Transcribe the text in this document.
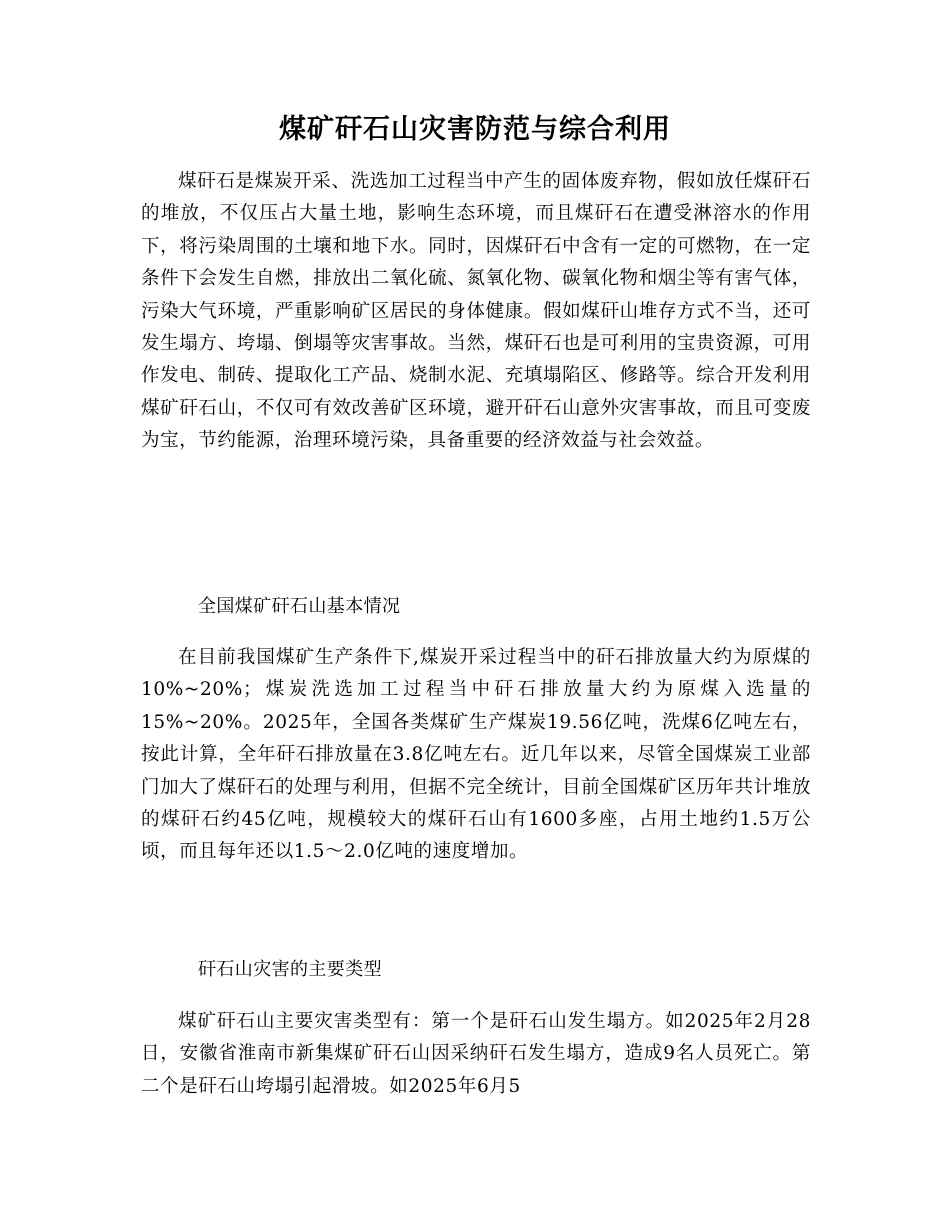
煤矿矸石山灾害防范与综合利用

煤矸石是煤炭开采、洗选加工过程当中产生的固体废弃物，假如放任煤矸石的堆放，不仅压占大量土地，影响生态环境，而且煤矸石在遭受淋溶水的作用下，将污染周围的土壤和地下水。同时，因煤矸石中含有一定的可燃物，在一定条件下会发生自燃，排放出二氧化硫、氮氧化物、碳氧化物和烟尘等有害气体，污染大气环境，严重影响矿区居民的身体健康。假如煤矸山堆存方式不当，还可发生塌方、垮塌、倒塌等灾害事故。当然，煤矸石也是可利用的宝贵资源，可用作发电、制砖、提取化工产品、烧制水泥、充填塌陷区、修路等。综合开发利用煤矿矸石山，不仅可有效改善矿区环境，避开矸石山意外灾害事故，而且可变废为宝，节约能源，治理环境污染，具备重要的经济效益与社会效益。

全国煤矿矸石山基本情况

在目前我国煤矿生产条件下,煤炭开采过程当中的矸石排放量大约为原煤的10%~20%；煤炭洗选加工过程当中矸石排放量大约为原煤入选量的15%~20%。2025年，全国各类煤矿生产煤炭19.56亿吨，洗煤6亿吨左右，按此计算，全年矸石排放量在3.8亿吨左右。近几年以来，尽管全国煤炭工业部门加大了煤矸石的处理与利用，但据不完全统计，目前全国煤矿区历年共计堆放的煤矸石约45亿吨，规模较大的煤矸石山有1600多座，占用土地约1.5万公顷，而且每年还以1.5～2.0亿吨的速度增加。

矸石山灾害的主要类型

煤矿矸石山主要灾害类型有：第一个是矸石山发生塌方。如2025年2月28日，安徽省淮南市新集煤矿矸石山因采纳矸石发生塌方，造成9名人员死亡。第二个是矸石山垮塌引起滑坡。如2025年6月5
